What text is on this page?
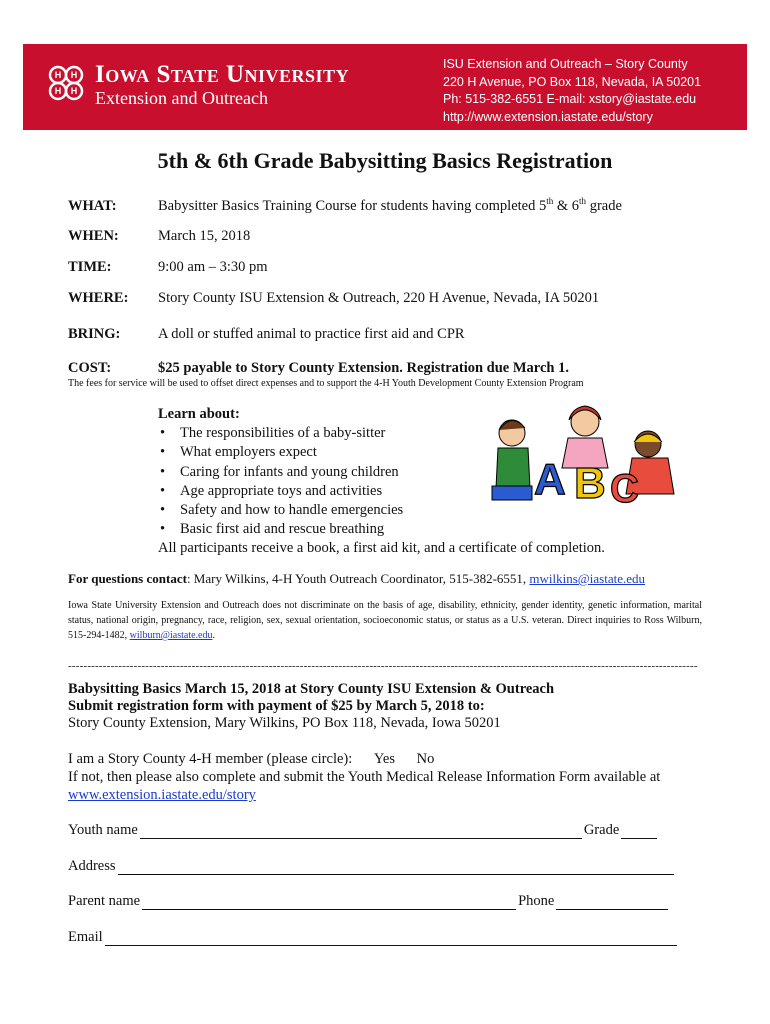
H H
H H
Iowa State University
Extension and Outreach
ISU Extension and Outreach – Story County
220 H Avenue, PO Box 118, Nevada, IA 50201
Ph: 515-382-6551 E-mail: xstory@iastate.edu
http://www.extension.iastate.edu/story
5th & 6th Grade Babysitting Basics Registration
WHAT:	Babysitter Basics Training Course for students having completed 5th & 6th grade
WHEN:	March 15, 2018
TIME:	9:00 am – 3:30 pm
WHERE: Story County ISU Extension & Outreach, 220 H Avenue, Nevada, IA 50201
BRING:	A doll or stuffed animal to practice first aid and CPR
COST:	$25 payable to Story County Extension. Registration due March 1.
The fees for service will be used to offset direct expenses and to support the 4-H Youth Development County Extension Program
Learn about:
• The responsibilities of a baby-sitter
• What employers expect
• Caring for infants and young children
• Age appropriate toys and activities
• Safety and how to handle emergencies
• Basic first aid and rescue breathing
All participants receive a book, a first aid kit, and a certificate of completion.
A B C
For questions contact: Mary Wilkins, 4-H Youth Outreach Coordinator, 515-382-6551, mwilkins@iastate.edu
Iowa State University Extension and Outreach does not discriminate on the basis of age, disability, ethnicity, gender identity, genetic information, marital status, national origin, pregnancy, race, religion, sex, sexual orientation, socioeconomic status, or status as a U.S. veteran. Direct inquiries to Ross Wilburn, 515-294-1482, wilburn@iastate.edu.
-------------------------------------------------------------------------------------------------------------------------------------------------------------------
Babysitting Basics March 15, 2018 at Story County ISU Extension & Outreach
Submit registration form with payment of $25 by March 5, 2018 to:
Story County Extension, Mary Wilkins, PO Box 118, Nevada, Iowa 50201
I am a Story County 4-H member (please circle): Yes No
If not, then please also complete and submit the Youth Medical Release Information Form available at
www.extension.iastate.edu/story
Youth name	Grade
Address
Parent name	Phone
Email
